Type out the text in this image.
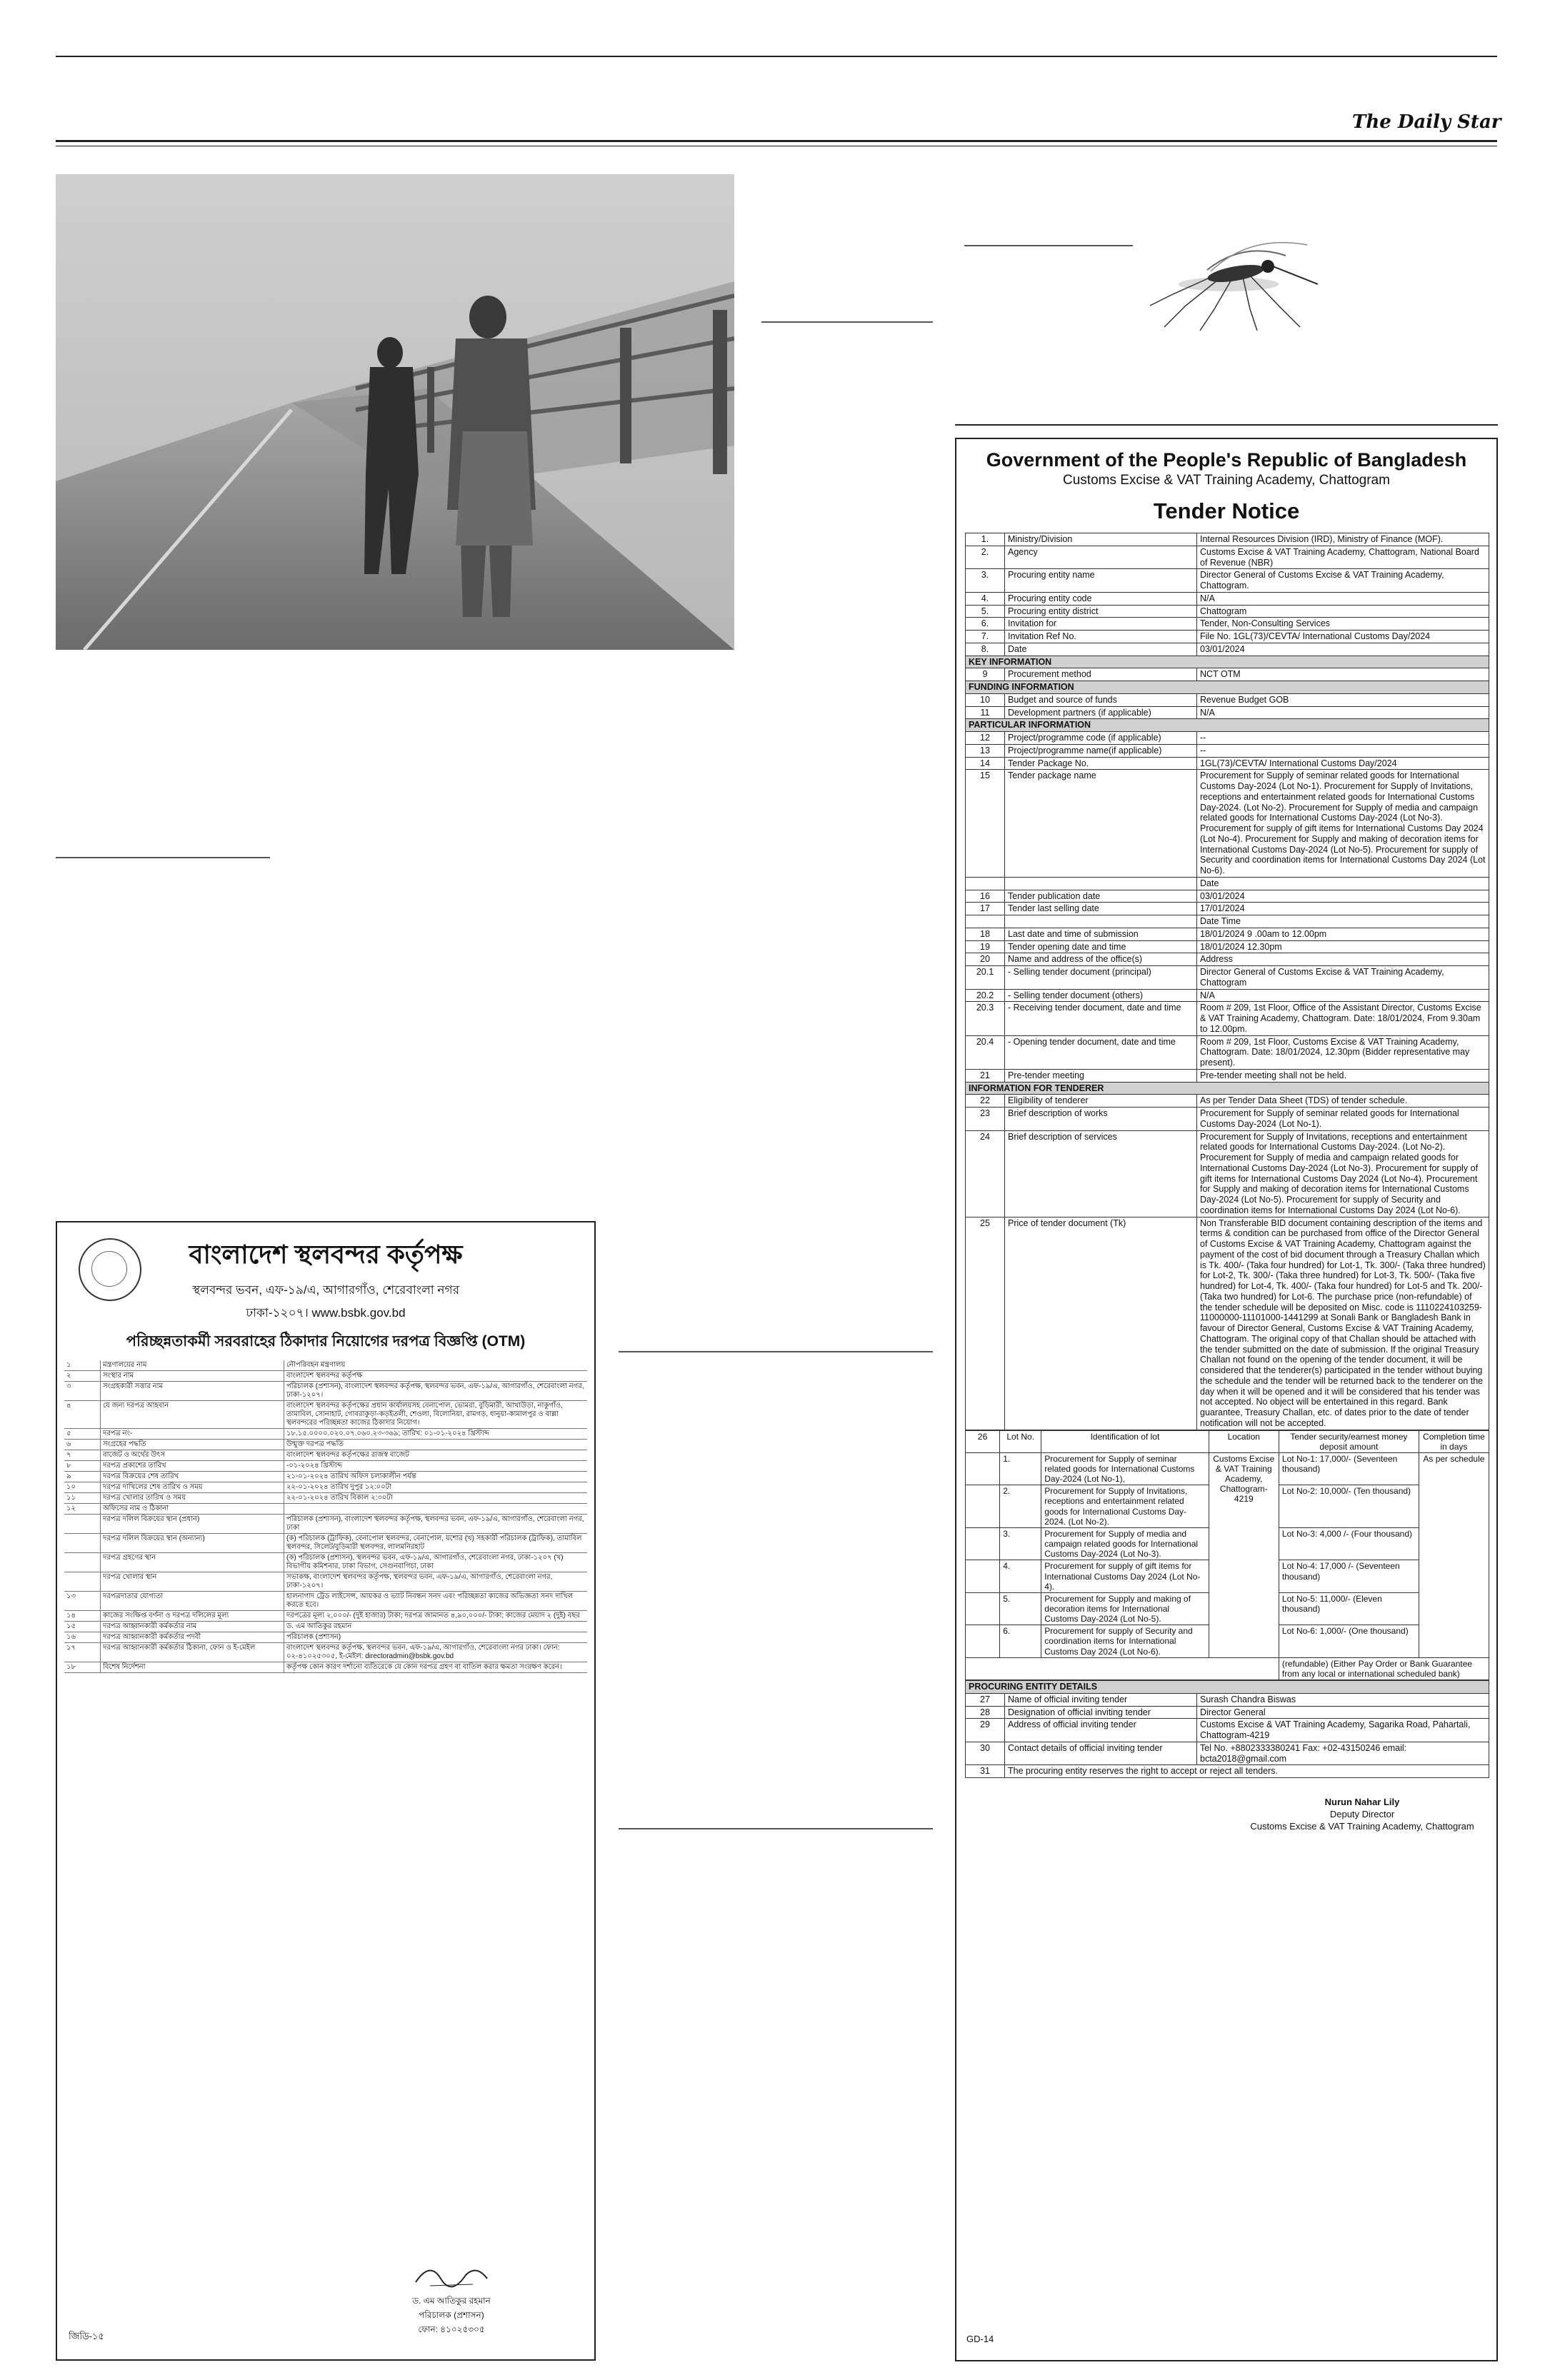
The Daily Star
Government of the People's Republic of Bangladesh
Customs Excise & VAT Training Academy, Chattogram
Tender Notice
1.	Ministry/Division	Internal Resources Division (IRD), Ministry of Finance (MOF).
2.	Agency	Customs Excise & VAT Training Academy, Chattogram, National Board of Revenue (NBR)
3.	Procuring entity name	Director General of Customs Excise & VAT Training Academy, Chattogram.
4.	Procuring entity code	N/A
5.	Procuring entity district	Chattogram
6.	Invitation for	Tender, Non-Consulting Services
7.	Invitation Ref No.	File No. 1GL(73)/CEVTA/ International Customs Day/2024
8.	Date	03/01/2024
KEY INFORMATION		
9	Procurement method	NCT OTM
FUNDING INFORMATION		
10	Budget and source of funds	Revenue Budget GOB
11	Development partners (if applicable)	N/A
PARTICULAR INFORMATION		
12	Project/programme code (if applicable)	--
13	Project/programme name(if applicable)	--
14	Tender Package No.	1GL(73)/CEVTA/ International Customs Day/2024
15	Tender package name	Procurement for Supply of seminar related goods for International Customs Day-2024 (Lot No-1). Procurement for Supply of Invitations, receptions and entertainment related goods for International Customs Day-2024. (Lot No-2). Procurement for Supply of media and campaign related goods for International Customs Day-2024 (Lot No-3). Procurement for supply of gift items for International Customs Day 2024 (Lot No-4). Procurement for Supply and making of decoration items for International Customs Day-2024 (Lot No-5). Procurement for supply of Security and coordination items for International Customs Day 2024 (Lot No-6).
		Date
16	Tender publication date	03/01/2024
17	Tender last selling date	17/01/2024
		Date Time
18	Last date and time of submission	18/01/2024 9 .00am to 12.00pm
19	Tender opening date and time	18/01/2024 12.30pm
20	Name and address of the office(s)	Address
20.1	- Selling tender document (principal)	Director General of Customs Excise & VAT Training Academy, Chattogram
20.2	- Selling tender document (others)	N/A
20.3	- Receiving tender document, date and time	Room # 209, 1st Floor, Office of the Assistant Director, Customs Excise & VAT Training Academy, Chattogram. Date: 18/01/2024, From 9.30am to 12.00pm.
20.4	- Opening tender document, date and time	Room # 209, 1st Floor, Customs Excise & VAT Training Academy, Chattogram. Date: 18/01/2024, 12.30pm (Bidder representative may present).
21	Pre-tender meeting	Pre-tender meeting shall not be held.
INFORMATION FOR TENDERER		
22	Eligibility of tenderer	As per Tender Data Sheet (TDS) of tender schedule.
23	Brief description of works	Procurement for Supply of seminar related goods for International Customs Day-2024 (Lot No-1).
24	Brief description of services	Procurement for Supply of Invitations, receptions and entertainment related goods for International Customs Day-2024. (Lot No-2). Procurement for Supply of media and campaign related goods for International Customs Day-2024 (Lot No-3). Procurement for supply of gift items for International Customs Day 2024 (Lot No-4). Procurement for Supply and making of decoration items for International Customs Day-2024 (Lot No-5). Procurement for supply of Security and coordination items for International Customs Day 2024 (Lot No-6).
25	Price of tender document (Tk)	Non Transferable BID document containing description of the items and terms & condition can be purchased from office of the Director General of Customs Excise & VAT Training Academy, Chattogram against the payment of the cost of bid document through a Treasury Challan which is Tk. 400/- (Taka four hundred) for Lot-1, Tk. 300/- (Taka three hundred) for Lot-2, Tk. 300/- (Taka three hundred) for Lot-3, Tk. 500/- (Taka five hundred) for Lot-4, Tk. 400/- (Taka four hundred) for Lot-5 and Tk. 200/- (Taka two hundred) for Lot-6. The purchase price (non-refundable) of the tender schedule will be deposited on Misc. code is 1110224103259-11000000-11101000-1441299 at Sonali Bank or Bangladesh Bank in favour of Director General, Customs Excise & VAT Training Academy, Chattogram. The original copy of that Challan should be attached with the tender submitted on the date of submission. If the original Treasury Challan not found on the opening of the tender document, it will be considered that the tenderer(s) participated in the tender without buying the schedule and the tender will be returned back to the tenderer on the day when it will be opened and it will be considered that his tender was not accepted. No object will be entertained in this regard. Bank guarantee, Treasury Challan, etc. of dates prior to the date of tender notification will not be accepted.
26	Lot No.	Identification of lot	Location	Tender security/earnest money deposit amount	Completion time in days
	1.	Procurement for Supply of seminar related goods for International Customs Day-2024 (Lot No-1),	Customs Excise & VAT Training Academy, Chattogram-4219	Lot No-1: 17,000/- (Seventeen thousand)	As per schedule
	2.	Procurement for Supply of Invitations, receptions and entertainment related goods for International Customs Day-2024. (Lot No-2).		Lot No-2: 10,000/- (Ten thousand)	
	3.	Procurement for Supply of media and campaign related goods for International Customs Day-2024 (Lot No-3).		Lot No-3: 4,000 /- (Four thousand)	
	4.	Procurement for supply of gift items for International Customs Day 2024 (Lot No-4).		Lot No-4: 17,000 /- (Seventeen thousand)	
	5.	Procurement for Supply and making of decoration items for International Customs Day-2024 (Lot No-5).		Lot No-5: 11,000/- (Eleven thousand)	
	6.	Procurement for supply of Security and coordination items for International Customs Day 2024 (Lot No-6).		Lot No-6: 1,000/- (One thousand)	
				(refundable) (Either Pay Order or Bank Guarantee from any local or international scheduled bank)	
PROCURING ENTITY DETAILS		
27	Name of official inviting tender	Surash Chandra Biswas
28	Designation of official inviting tender	Director General
29	Address of official inviting tender	Customs Excise & VAT Training Academy, Sagarika Road, Pahartali, Chattogram-4219
30	Contact details of official inviting tender	Tel No. +8802333380241 Fax: +02-43150246 email: bcta2018@gmail.com
31	The procuring entity reserves the right to accept or reject all tenders.	
Nurun Nahar Lily
Deputy Director
Customs Excise & VAT Training Academy, Chattogram
GD-14
বাংলাদেশ স্থলবন্দর কর্তৃপক্ষ
স্থলবন্দর ভবন, এফ-১৯/এ, আগারগাঁও, শেরেবাংলা নগর
ঢাকা-১২০৭। www.bsbk.gov.bd
পরিচ্ছন্নতাকর্মী সরবরাহের ঠিকাদার নিয়োগের দরপত্র বিজ্ঞপ্তি (OTM)
১	মন্ত্রণালয়ের নাম	নৌপরিবহন মন্ত্রণালয়
২	সংস্থার নাম	বাংলাদেশ স্থলবন্দর কর্তৃপক্ষ
৩	সংগ্রহকারী সত্তার নাম	পরিচালক (প্রশাসন), বাংলাদেশ স্থলবন্দর কর্তৃপক্ষ, স্থলবন্দর ভবন, এফ-১৯/এ, আগারগাঁও, শেরেবাংলা নগর, ঢাকা-১২০৭।
৪	যে জন্য দরপত্র আহবান	বাংলাদেশ স্থলবন্দর কর্তৃপক্ষের প্রধান কার্যালয়সহ বেনাপোল, ভোমরা, বুড়িমারী, আখাউড়া, নাকুগাঁও, তামাবিল, সোনাহাট, গোবরাকুড়া-কড়ইতলী, শেওলা, বিলোনিয়া, রামগড়, ধানুয়া-কামালপুর ও বাল্লা স্থলবন্দরের পরিচ্ছন্নতা কাজের ঠিকাদার নিয়োগ।
৫	দরপত্র নং-	১৮.১৫.০০০০.০২০.০৭.০৬০.২৩-৩৬৯; তারিখ: ০১-০১-২০২৪ খ্রিস্টাব্দ
৬	সংগ্রহের পদ্ধতি	উন্মুক্ত দরপত্র পদ্ধতি
৭	বাজেট ও অর্থের উৎস	বাংলাদেশ স্থলবন্দর কর্তৃপক্ষের রাজস্ব বাজেট
৮	দরপত্র প্রকাশের তারিখ	-০১-২০২৪ খ্রিস্টাব্দ
৯	দরপত্র বিক্রয়ের শেষ তারিখ	২১-০১-২০২৪ তারিখ অফিস চলাকালীন পর্যন্ত
১০	দরপত্র দাখিলের শেষ তারিখ ও সময়	২২-০১-২০২৪ তারিখ দুপুর ১২:০০টা
১১	দরপত্র খোলার তারিখ ও সময়	২২-০১-২০২৪ তারিখ বিকাল ২:৩০টা
১২	অফিসের নাম ও ঠিকানা
দরপত্র দলিল বিক্রয়ের স্থান (প্রধান)	পরিচালক (প্রশাসন), বাংলাদেশ স্থলবন্দর কর্তৃপক্ষ, স্থলবন্দর ভবন, এফ-১৯/এ, আগারগাঁও, শেরেবাংলা নগর, ঢাকা
দরপত্র দলিল বিক্রয়ের স্থান (অন্যান্য)	(ক) পরিচালক (ট্রাফিক), বেনাপোল স্থলবন্দর, বেনাপোল, যশোর (খ) সহকারী পরিচালক (ট্রাফিক), তামাবিল স্থলবন্দর, সিলেট/বুড়িমারী স্থলবন্দর, লালমনিরহাট
দরপত্র গ্রহণের স্থান	(ক) পরিচালক (প্রশাসন), স্থলবন্দর ভবন, এফ-১৯/এ, আগারগাঁও, শেরেবাংলা নগর, ঢাকা-১২০৭ (খ) বিভাগীয় কমিশনার, ঢাকা বিভাগ, সেগুনবাগিচা, ঢাকা
দরপত্র খোলার স্থান	সভাকক্ষ, বাংলাদেশ স্থলবন্দর কর্তৃপক্ষ, স্থলবন্দর ভবন, এফ-১৯/এ, আগারগাঁও, শেরেবাংলা নগর, ঢাকা-১২০৭।
১৩	দরপত্রদাতার যোগ্যতা	হালনাগাদ ট্রেড লাইসেন্স, আয়কর ও ভ্যাট নিবন্ধন সনদ এবং পরিচ্ছন্নতা কাজের অভিজ্ঞতা সনদ দাখিল করতে হবে।
১৪	কাজের সংক্ষিপ্ত বর্ণনা ও দরপত্র দলিলের মূল্য	দরপত্রের মূল্য ২,০০০/- (দুই হাজার) টাকা; দরপত্র জামানত ৪,৯০,০০০/- টাকা; কাজের মেয়াদ ২ (দুই) বছর
১৫	দরপত্র আহ্বানকারী কর্মকর্তার নাম	ড. এম আতিকুর রহমান
১৬	দরপত্র আহ্বানকারী কর্মকর্তার পদবী	পরিচালক (প্রশাসন)
১৭	দরপত্র আহ্বানকারী কর্মকর্তার ঠিকানা, ফোন ও ই-মেইল	বাংলাদেশ স্থলবন্দর কর্তৃপক্ষ, স্থলবন্দর ভবন, এফ-১৯/এ, আগারগাঁও, শেরেবাংলা নগর ঢাকা। ফোন: ০২-৪১০২৫৩০৫, ই-মেইল: directoradmin@bsbk.gov.bd
১৮	বিশেষ নির্দেশনা	কর্তৃপক্ষ কোন কারণ দর্শানো ব্যতিরেকে যে কোন দরপত্র গ্রহণ বা বাতিল করার ক্ষমতা সংরক্ষণ করেন।
ড. এম আতিকুর রহমান
পরিচালক (প্রশাসন)
ফোন: ৪১০২৫৩০৫
জিডি-১৫
